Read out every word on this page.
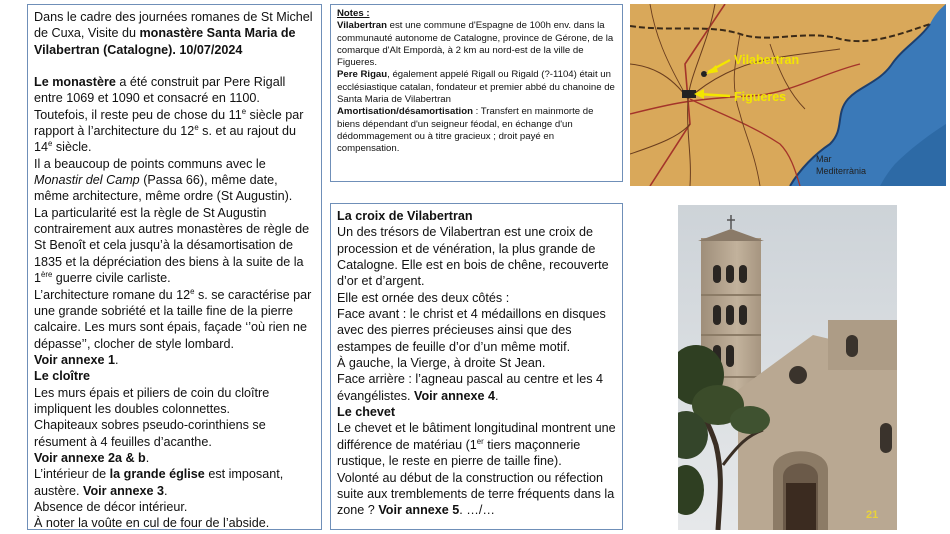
Dans le cadre des journées romanes de St Michel de Cuxa, Visite du monastère Santa Maria de Vilabertran (Catalogne). 10/07/2024

Le monastère a été construit par Pere Rigall entre 1069 et 1090 et consacré en 1100. Toutefois, il reste peu de chose du 11e siècle par rapport à l’architecture du 12e s. et au rajout du 14e siècle.

Il a beaucoup de points communs avec le Monastir del Camp (Passa 66), même date, même architecture, même ordre (St Augustin).

La particularité est la règle de St Augustin contrairement aux autres monastères de règle de St Benoît et cela jusqu’à la désamortisation de 1835 et la dépréciation des biens à la suite de la 1ère guerre civile carliste.

L’architecture romane du 12e s. se caractérise par une grande sobriété et la taille fine de la pierre calcaire. Les murs sont épais, façade ‘’où rien ne dépasse’’, clocher de style lombard.

Voir annexe 1.

Le cloître

Les murs épais et piliers de coin du cloître impliquent les doubles colonnettes.

Chapiteaux sobres pseudo-corinthiens se résument à 4 feuilles d’acanthe.

Voir annexe 2a & b.

L’intérieur de la grande église est imposant, austère. Voir annexe 3.

Absence de décor intérieur.

À noter la voûte en cul de four de l’abside.

Notes :

Vilabertran est une commune d'Espagne de 100h env. dans la communauté autonome de Catalogne, province de Gérone, de la comarque d'Alt Empordà, à 2 km au nord-est de la ville de Figueres.

Pere Rigau, également appelé Rigall ou Rigald (?-1104) était un ecclésiastique catalan, fondateur et premier abbé du chanoine de Santa Maria de Vilabertran

Amortisation/désamortisation : Transfert en mainmorte de biens dépendant d'un seigneur féodal, en échange d'un dédommagement ou à titre gracieux ; droit payé en compensation.

La croix de Vilabertran

Un des trésors de Vilabertran est une croix de procession et de vénération, la plus grande de Catalogne. Elle est en bois de chêne, recouverte d’or et d’argent.

Elle est ornée des deux côtés :

Face avant : le christ et 4 médaillons en disques avec des pierres précieuses ainsi que des estampes de feuille d’or d’un même motif.

À gauche, la Vierge, à droite St Jean.

Face arrière : l’agneau pascal au centre et les 4 évangélistes. Voir annexe 4.

Le chevet

Le chevet et le bâtiment longitudinal montrent une différence de matériau (1er tiers maçonnerie rustique, le reste en pierre de taille fine).

Volonté au début de la construction ou réfection suite aux tremblements de terre fréquents dans la zone ? Voir annexe 5. …/…

Vilabertran
Figueres
Mar
Mediterrània
21
